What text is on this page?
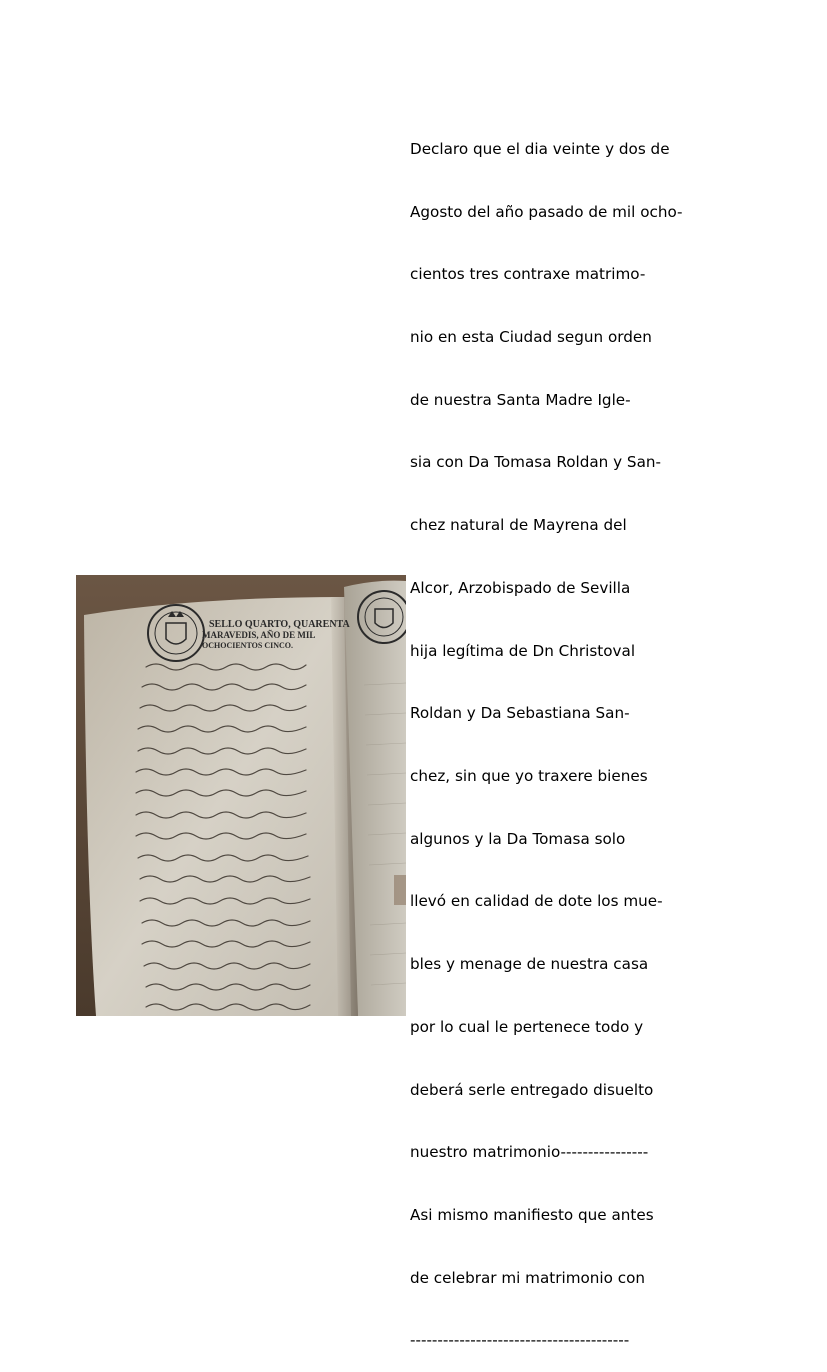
Declaro que el dia veinte y dos de

Agosto del año pasado de mil ocho-

cientos tres contraxe matrimo-

nio en esta Ciudad segun orden

de nuestra Santa Madre Igle-

sia con Da Tomasa Roldan y San-

chez natural de Mayrena del

Alcor, Arzobispado de Sevilla

hija legítima de Dn Christoval

Roldan y Da Sebastiana San-

chez, sin que yo traxere bienes

algunos y la Da Tomasa solo

llevó en calidad de dote los mue-

bles y menage de nuestra casa

por lo cual le pertenece todo y

deberá serle entregado disuelto

nuestro matrimonio----------------

Asi mismo manifiesto que antes

de celebrar mi matrimonio con

----------------------------------------

SELLO QUARTO, QUARENTA
MARAVEDIS, AÑO DE MIL
OCHOCIENTOS CINCO.
